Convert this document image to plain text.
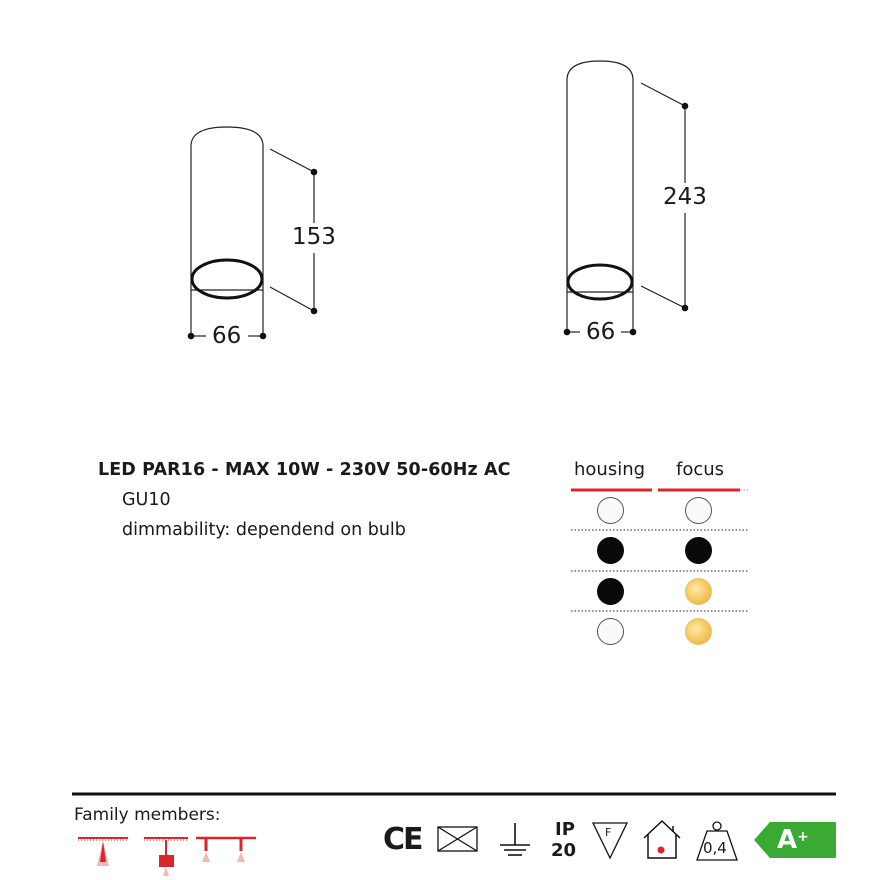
153
66
243
66
LED PAR16 - MAX 10W - 230V 50-60Hz AC
GU10
dimmability: dependend on bulb
housing focus
Family members:
CE	IP
20
F
0,4 A+
